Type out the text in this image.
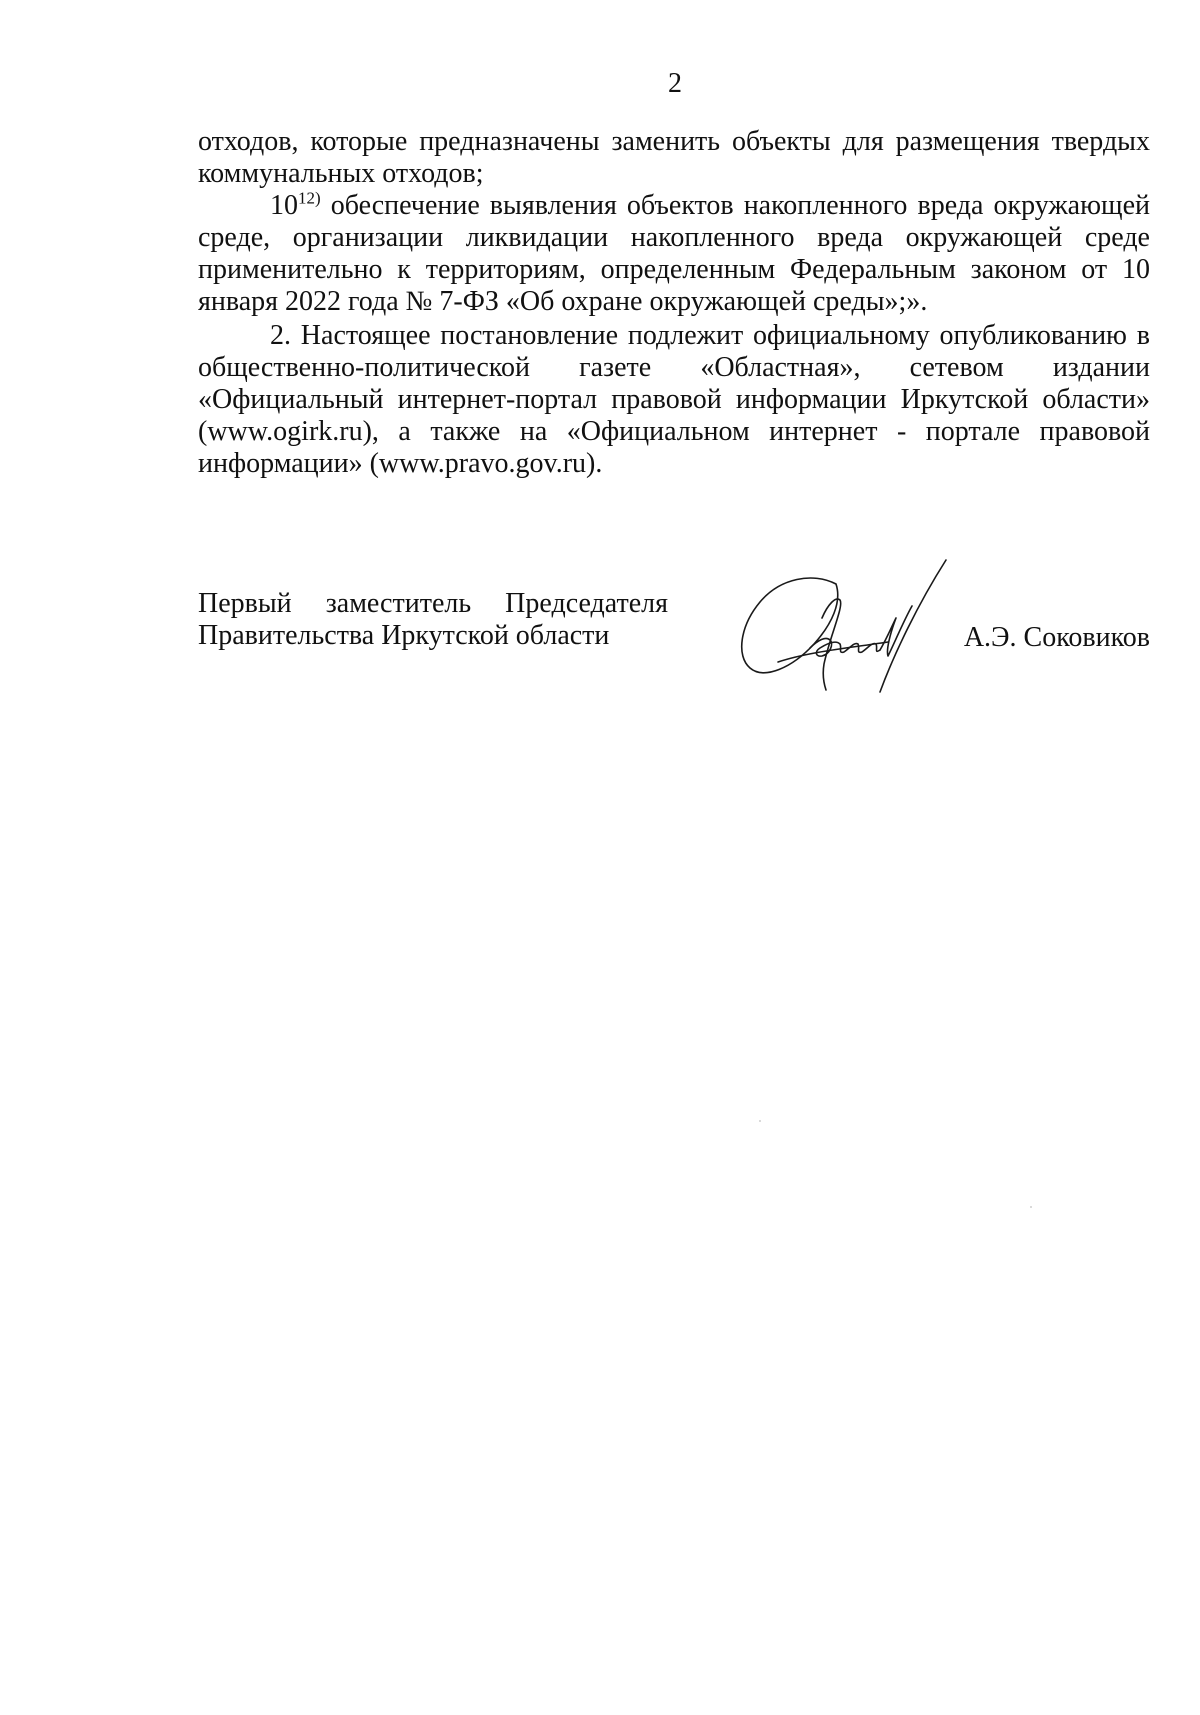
2

отходов, которые предназначены заменить объекты для размещения твердых коммунальных отходов;

10$^{12)}$ обеспечение выявления объектов накопленного вреда окружающей среде, организации ликвидации накопленного вреда окружающей среде применительно к территориям, определенным Федеральным законом от 10 января 2022 года № 7-ФЗ «Об охране окружающей среды»;».

2. Настоящее постановление подлежит официальному опубликованию в общественно-политической газете «Областная», сетевом издании «Официальный интернет-портал правовой информации Иркутской области» (www.ogirk.ru), а также на «Официальном интернет - портале правовой информации» (www.pravo.gov.ru).

Первый заместитель Председателя
Правительства Иркутской области	А.Э. Соковиков
